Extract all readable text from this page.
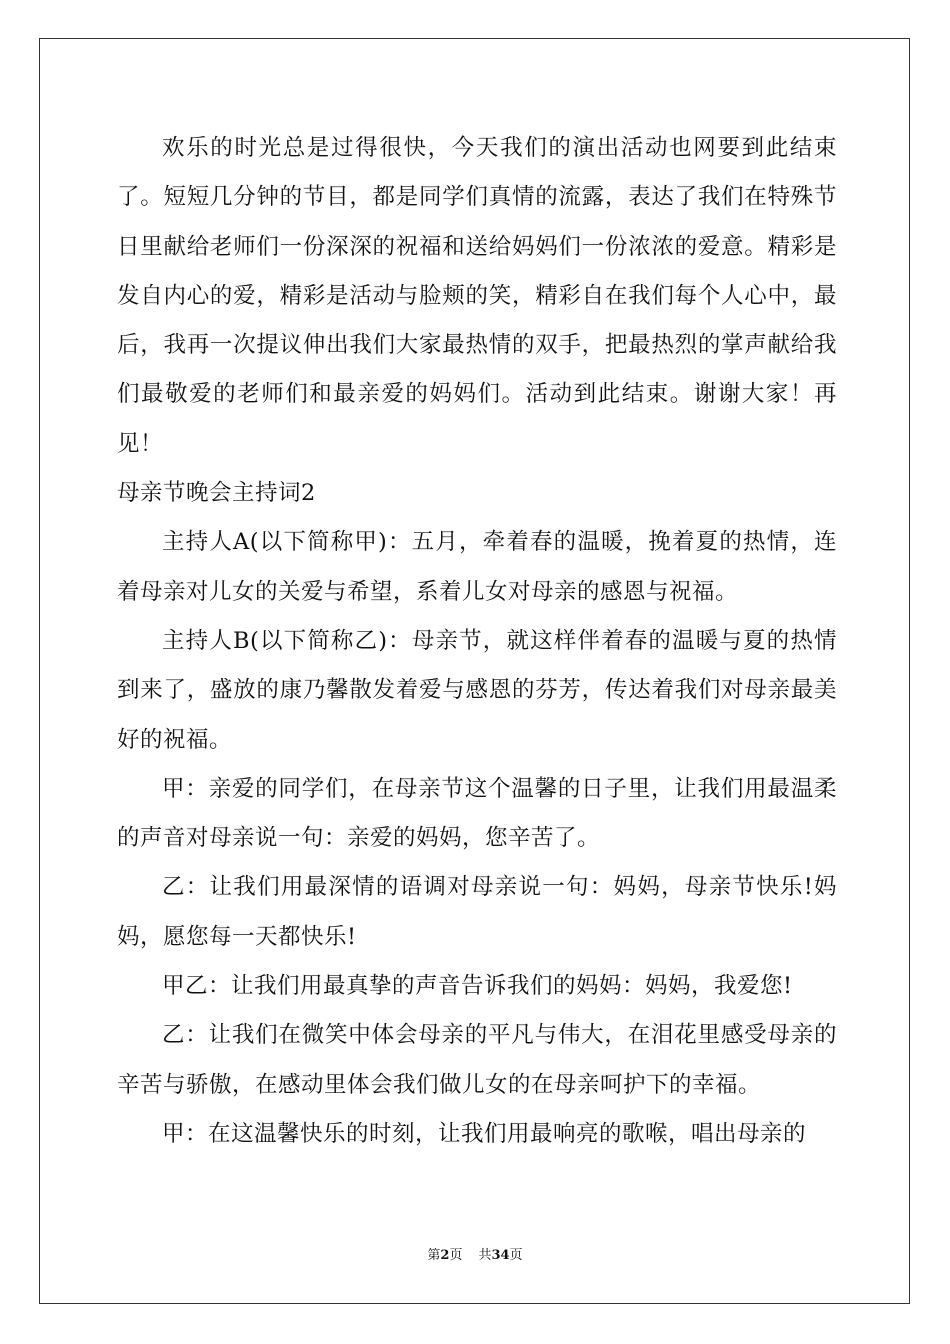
欢乐的时光总是过得很快，今天我们的演出活动也网要到此结束了。短短几分钟的节目，都是同学们真情的流露，表达了我们在特殊节日里献给老师们一份深深的祝福和送给妈妈们一份浓浓的爱意。精彩是发自内心的爱，精彩是活动与脸颊的笑，精彩自在我们每个人心中，最后，我再一次提议伸出我们大家最热情的双手，把最热烈的掌声献给我们最敬爱的老师们和最亲爱的妈妈们。活动到此结束。谢谢大家！再见！

母亲节晚会主持词2

主持人A(以下简称甲)：五月，牵着春的温暖，挽着夏的热情，连着母亲对儿女的关爱与希望，系着儿女对母亲的感恩与祝福。

主持人B(以下简称乙)：母亲节，就这样伴着春的温暖与夏的热情到来了，盛放的康乃馨散发着爱与感恩的芬芳，传达着我们对母亲最美好的祝福。

甲：亲爱的同学们，在母亲节这个温馨的日子里，让我们用最温柔的声音对母亲说一句：亲爱的妈妈，您辛苦了。

乙：让我们用最深情的语调对母亲说一句：妈妈，母亲节快乐!妈妈，愿您每一天都快乐!

甲乙：让我们用最真挚的声音告诉我们的妈妈：妈妈，我爱您!

乙：让我们在微笑中体会母亲的平凡与伟大，在泪花里感受母亲的辛苦与骄傲，在感动里体会我们做儿女的在母亲呵护下的幸福。

甲：在这温馨快乐的时刻，让我们用最响亮的歌喉，唱出母亲的

第2页 共34页
